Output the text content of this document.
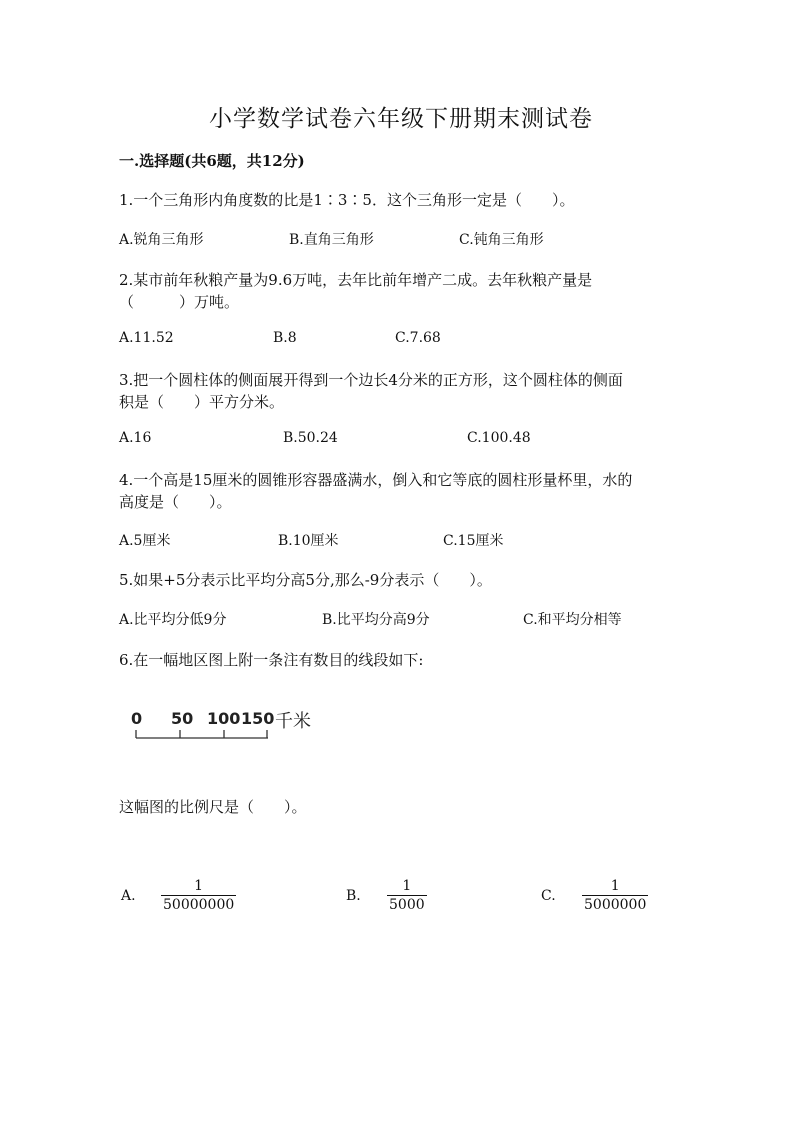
小学数学试卷六年级下册期末测试卷
一.选择题(共6题，共12分)
1.一个三角形内角度数的比是1∶3∶5．这个三角形一定是（　　）。
A.锐角三角形	B.直角三角形	C.钝角三角形
2.某市前年秋粮产量为9.6万吨，去年比前年增产二成。去年秋粮产量是
（　　　）万吨。
A.11.52	B.8	C.7.68
3.把一个圆柱体的侧面展开得到一个边长4分米的正方形，这个圆柱体的侧面
积是（　　）平方分米。
A.16	B.50.24	C.100.48
4.一个高是15厘米的圆锥形容器盛满水，倒入和它等底的圆柱形量杯里，水的
高度是（　　）。
A.5厘米	B.10厘米	C.15厘米
5.如果+5分表示比平均分高5分,那么-9分表示（　　）。
A.比平均分低9分	B.比平均分高9分	C.和平均分相等
6.在一幅地区图上附一条注有数目的线段如下:
0 50 100 150 千米
这幅图的比例尺是（　　）。
A. $\frac{1}{50000000}$	B. $\frac{1}{5000}$	C. $\frac{1}{5000000}$
